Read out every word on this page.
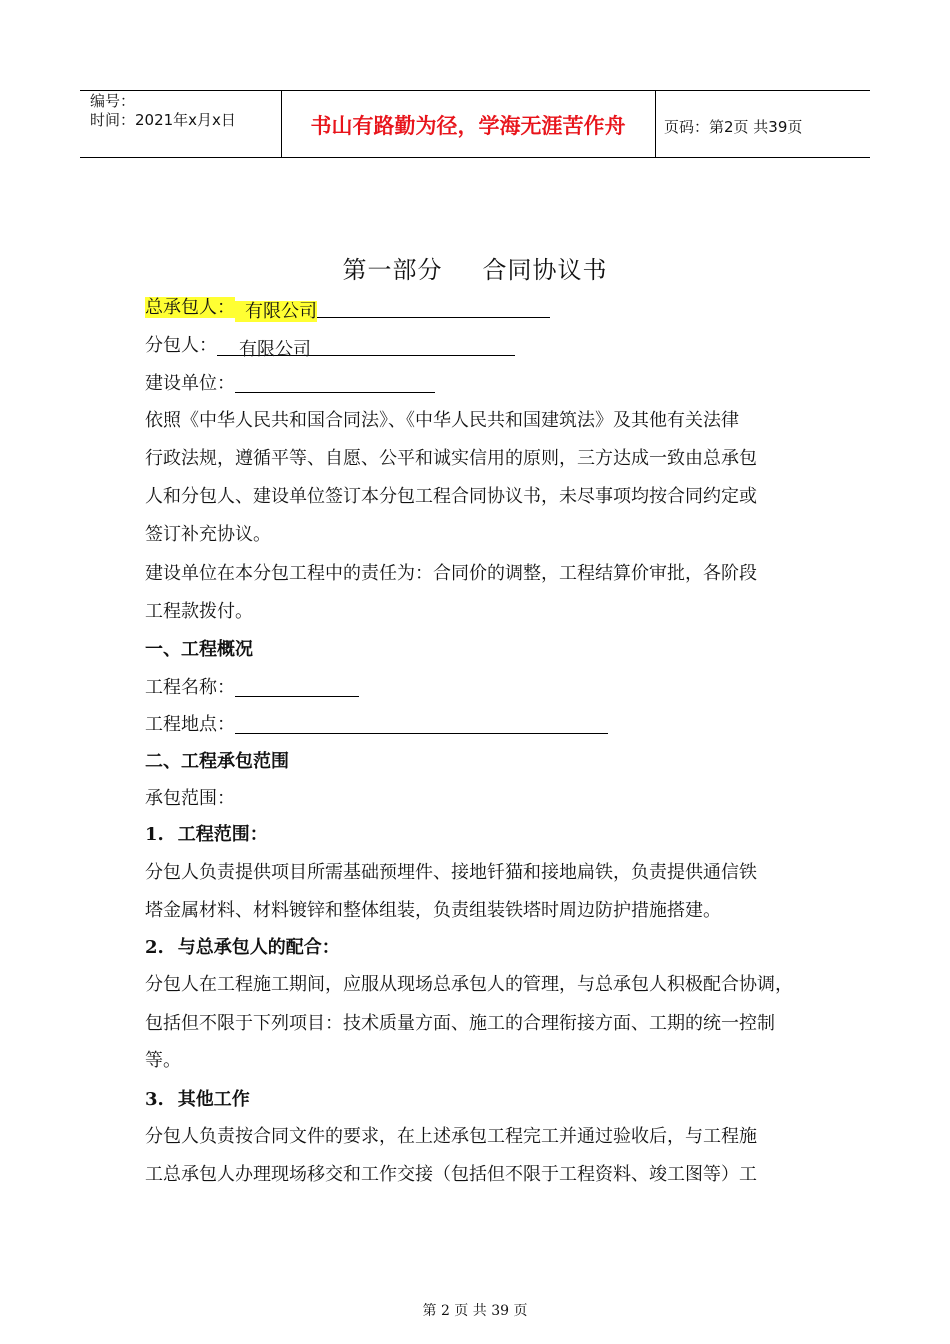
编号：
时间：2021年x月x日	书山有路勤为径，学海无涯苦作舟	页码：第2页 共39页
第一部分 合同协议书
总承包人： 有限公司
分包人： 有限公司
建设单位：
依照《中华人民共和国合同法》、《中华人民共和国建筑法》及其他有关法律
行政法规，遵循平等、自愿、公平和诚实信用的原则，三方达成一致由总承包
人和分包人、建设单位签订本分包工程合同协议书，未尽事项均按合同约定或
签订补充协议。
建设单位在本分包工程中的责任为：合同价的调整，工程结算价审批，各阶段
工程款拨付。
一、工程概况
工程名称：
工程地点：
二、工程承包范围
承包范围：
1. 工程范围：
分包人负责提供项目所需基础预埋件、接地钎猫和接地扁铁，负责提供通信铁
塔金属材料、材料镀锌和整体组装，负责组装铁塔时周边防护措施搭建。
2. 与总承包人的配合：
分包人在工程施工期间，应服从现场总承包人的管理，与总承包人积极配合协调，
包括但不限于下列项目：技术质量方面、施工的合理衔接方面、工期的统一控制
等。
3. 其他工作
分包人负责按合同文件的要求，在上述承包工程完工并通过验收后，与工程施
工总承包人办理现场移交和工作交接（包括但不限于工程资料、竣工图等）工
第 2 页 共 39 页
